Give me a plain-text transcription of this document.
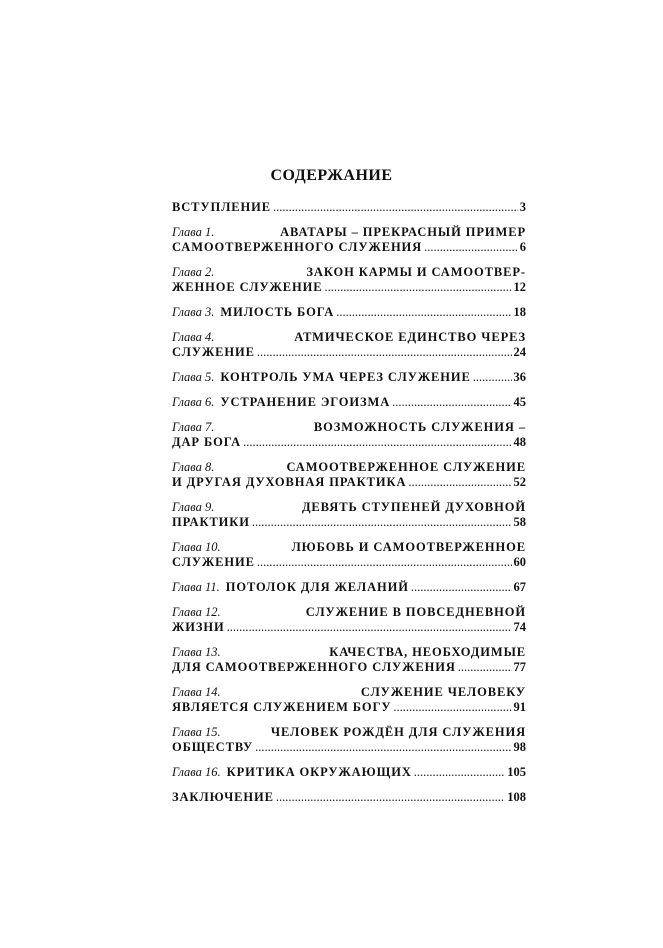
СОДЕРЖАНИЕ
ВСТУПЛЕНИЕ .....	3
Глава 1.	АВАТАРЫ – ПРЕКРАСНЫЙ ПРИМЕР
САМООТВЕРЖЕННОГО СЛУЖЕНИЯ .....	6
Глава 2.	ЗАКОН КАРМЫ И САМООТВЕР-
ЖЕННОЕ СЛУЖЕНИЕ .....	12
Глава 3. МИЛОСТЬ БОГА .....	18
Глава 4.	АТМИЧЕСКОЕ ЕДИНСТВО ЧЕРЕЗ
СЛУЖЕНИЕ .....	24
Глава 5. КОНТРОЛЬ УМА ЧЕРЕЗ СЛУЖЕНИЕ .....	36
Глава 6. УСТРАНЕНИЕ ЭГОИЗМА .....	45
Глава 7.	ВОЗМОЖНОСТЬ СЛУЖЕНИЯ –
ДАР БОГА .....	48
Глава 8.	САМООТВЕРЖЕННОЕ СЛУЖЕНИЕ
И ДРУГАЯ ДУХОВНАЯ ПРАКТИКА .....	52
Глава 9.	ДЕВЯТЬ СТУПЕНЕЙ ДУХОВНОЙ
ПРАКТИКИ .....	58
Глава 10.	ЛЮБОВЬ И САМООТВЕРЖЕННОЕ
СЛУЖЕНИЕ .....	60
Глава 11. ПОТОЛОК ДЛЯ ЖЕЛАНИЙ .....	67
Глава 12.	СЛУЖЕНИЕ В ПОВСЕДНЕВНОЙ
ЖИЗНИ .....	74
Глава 13.	КАЧЕСТВА, НЕОБХОДИМЫЕ
ДЛЯ САМООТВЕРЖЕННОГО СЛУЖЕНИЯ .....	77
Глава 14.	СЛУЖЕНИЕ ЧЕЛОВЕКУ
ЯВЛЯЕТСЯ СЛУЖЕНИЕМ БОГУ .....	91
Глава 15.	ЧЕЛОВЕК РОЖДЁН ДЛЯ СЛУЖЕНИЯ
ОБЩЕСТВУ .....	98
Глава 16. КРИТИКА ОКРУЖАЮЩИХ .....	105
ЗАКЛЮЧЕНИЕ .....	108
